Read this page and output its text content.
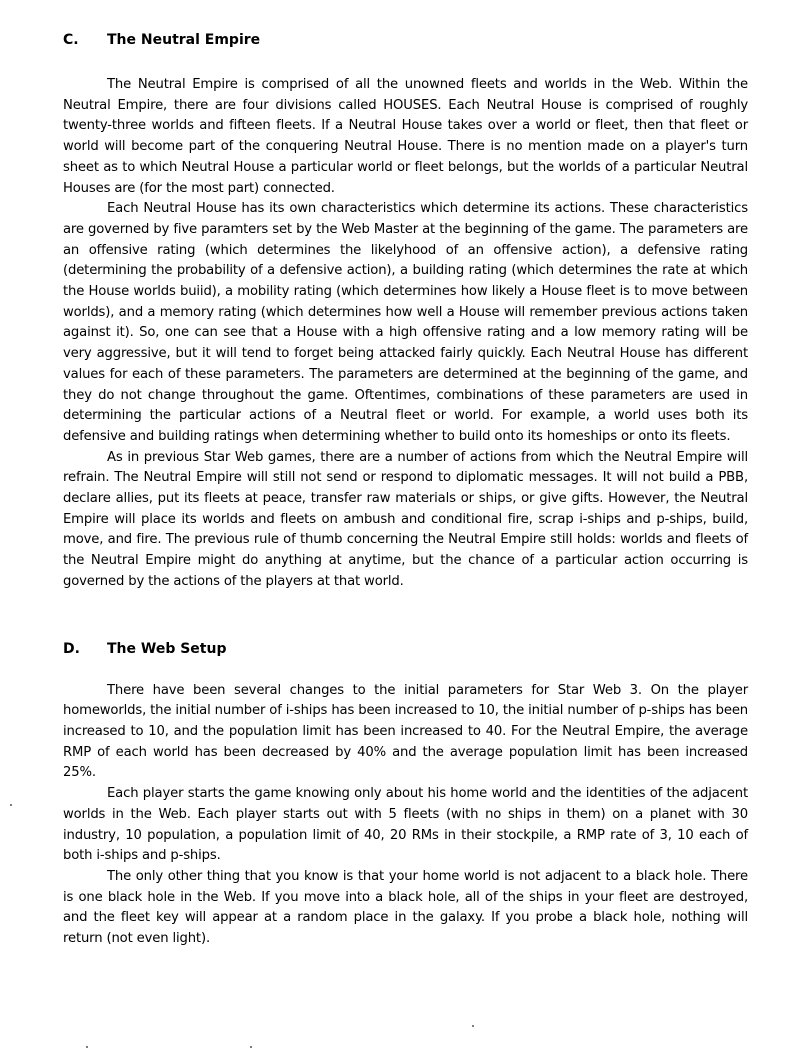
C.	The Neutral Empire

The Neutral Empire is comprised of all the unowned fleets and worlds in the Web. Within the Neutral Empire, there are four divisions called HOUSES. Each Neutral House is comprised of roughly twenty-three worlds and fifteen fleets. If a Neutral House takes over a world or fleet, then that fleet or world will become part of the conquering Neutral House. There is no mention made on a player's turn sheet as to which Neutral House a particular world or fleet belongs, but the worlds of a particular Neutral Houses are (for the most part) connected.

Each Neutral House has its own characteristics which determine its actions. These characteristics are governed by five paramters set by the Web Master at the beginning of the game. The parameters are an offensive rating (which determines the likelyhood of an offensive action), a defensive rating (determining the probability of a defensive action), a building rating (which determines the rate at which the House worlds buiid), a mobility rating (which determines how likely a House fleet is to move between worlds), and a memory rating (which determines how well a House will remember previous actions taken against it). So, one can see that a House with a high offensive rating and a low memory rating will be very aggressive, but it will tend to forget being attacked fairly quickly. Each Neutral House has different values for each of these parameters. The parameters are determined at the beginning of the game, and they do not change throughout the game. Oftentimes, combinations of these parameters are used in determining the particular actions of a Neutral fleet or world. For example, a world uses both its defensive and building ratings when determining whether to build onto its homeships or onto its fleets.

As in previous Star Web games, there are a number of actions from which the Neutral Empire will refrain. The Neutral Empire will still not send or respond to diplomatic messages. It will not build a PBB, declare allies, put its fleets at peace, transfer raw materials or ships, or give gifts. However, the Neutral Empire will place its worlds and fleets on ambush and conditional fire, scrap i-ships and p-ships, build, move, and fire. The previous rule of thumb concerning the Neutral Empire still holds: worlds and fleets of the Neutral Empire might do anything at anytime, but the chance of a particular action occurring is governed by the actions of the players at that world.

D.	The Web Setup

There have been several changes to the initial parameters for Star Web 3. On the player homeworlds, the initial number of i-ships has been increased to 10, the initial number of p-ships has been increased to 10, and the population limit has been increased to 40. For the Neutral Empire, the average RMP of each world has been decreased by 40% and the average population limit has been increased 25%.

Each player starts the game knowing only about his home world and the identities of the adjacent worlds in the Web. Each player starts out with 5 fleets (with no ships in them) on a planet with 30 industry, 10 population, a population limit of 40, 20 RMs in their stockpile, a RMP rate of 3, 10 each of both i-ships and p-ships.

The only other thing that you know is that your home world is not adjacent to a black hole. There is one black hole in the Web. If you move into a black hole, all of the ships in your fleet are destroyed, and the fleet key will appear at a random place in the galaxy. If you probe a black hole, nothing will return (not even light).
